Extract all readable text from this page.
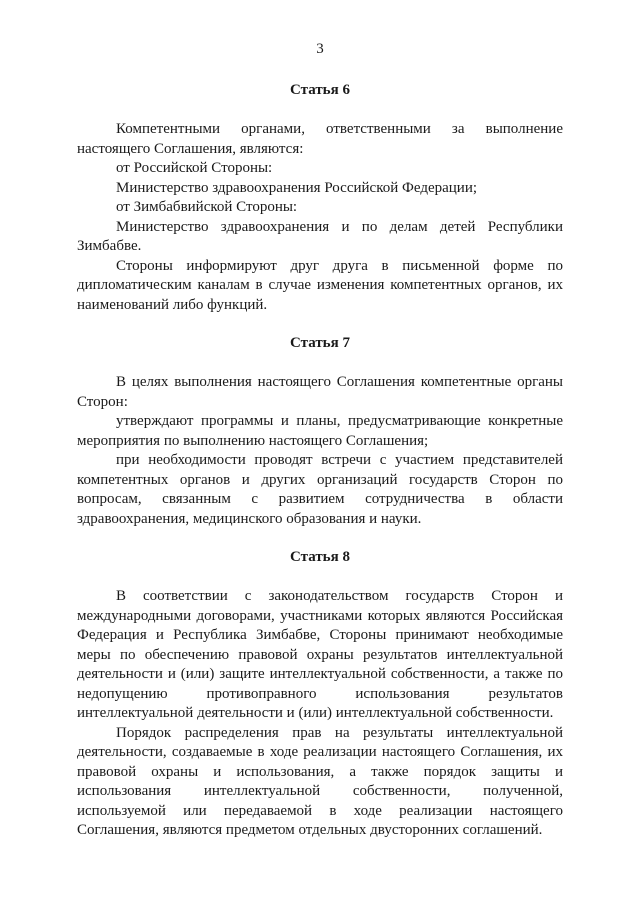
3
Статья 6

Компетентными органами, ответственными за выполнение настоящего Соглашения, являются:

от Российской Стороны:

Министерство здравоохранения Российской Федерации;

от Зимбабвийской Стороны:

Министерство здравоохранения и по делам детей Республики Зимбабве.

Стороны информируют друг друга в письменной форме по дипломатическим каналам в случае изменения компетентных органов, их наименований либо функций.

Статья 7

В целях выполнения настоящего Соглашения компетентные органы Сторон:

утверждают программы и планы, предусматривающие конкретные мероприятия по выполнению настоящего Соглашения;

при необходимости проводят встречи с участием представителей компетентных органов и других организаций государств Сторон по вопросам, связанным с развитием сотрудничества в области здравоохранения, медицинского образования и науки.

Статья 8

В соответствии с законодательством государств Сторон и международными договорами, участниками которых являются Российская Федерация и Республика Зимбабве, Стороны принимают необходимые меры по обеспечению правовой охраны результатов интеллектуальной деятельности и (или) защите интеллектуальной собственности, а также по недопущению противоправного использования результатов интеллектуальной деятельности и (или) интеллектуальной собственности.

Порядок распределения прав на результаты интеллектуальной деятельности, создаваемые в ходе реализации настоящего Соглашения, их правовой охраны и использования, а также порядок защиты и использования интеллектуальной собственности, полученной, используемой или передаваемой в ходе реализации настоящего Соглашения, являются предметом отдельных двусторонних соглашений.
